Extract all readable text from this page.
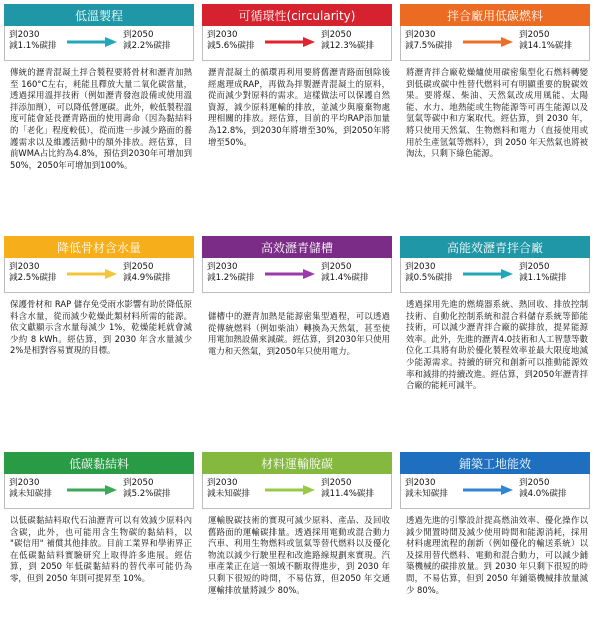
低溫製程
到2030
減1.1%碳排
到2050
減2.2%碳排
傳統的瀝青混凝土拌合製程要將骨材和瀝青加熱至 160°C左右，耗能且釋放大量二氧化碳當量，透過採用溫拌技術（例如瀝青發泡設備或使用溫拌添加劑），可以降低營運碳。此外，較低製程溫度可能會延長瀝青路面的使用壽命（因為黏結料的「老化」程度較低），從而進一步減少路面的養護需求以及維護活動中的額外排放。經估算，目前WMA占比約為4.8%，預估到2030年可增加到50%，2050年可增加到100%。
可循環性(circularity)
到2030
減5.6%碳排
到2050
減12.3%碳排
瀝青混凝土的循環再利用要將舊瀝青路面刨除後經處理成RAP，再做為拌製瀝青混凝土的原料，從而減少對原料的需求。這樣做法可以保護自然資源，減少原料運輸的排放，並減少與廢棄物處理相關的排放。經估算，目前的平均RAP添加量為12.8%，到2030年將增至30%，到2050年將增至50%。
拌合廠用低碳燃料
到2030
減7.5%碳排
到2050
減14.1%碳排
將瀝青拌合廠乾燥爐使用碳密集型化石燃料轉變到低碳或碳中性替代燃料可有明顯重要的脫碳效果。要將煤、柴油、天然氣改成用風能、太陽能、水力、地熱能或生物能源等可再生能源以及氫氣等碳中和方案取代。經估算，到 2030 年，將只使用天然氣、生物燃料和電力（直接使用或用於生產氫氣等燃料），到 2050 年天然氣也將被淘汰，只剩下綠色能源。
降低骨材含水量
到2030
減2.5%碳排
到2050
減4.9%碳排
保護骨材和 RAP 儲存免受雨水影響有助於降低原料含水量，從而減少乾燥此類材料所需的能源。依文獻顯示含水量每減少 1%，乾燥能耗就會減少約 8 kWh。經估算，到 2030 年含水量減少 2%是相對容易實現的目標。
高效瀝青儲槽
到2030
減1.2%碳排
到2050
減1.4%碳排
儲槽中的瀝青加熱是能源密集型過程，可以透過從傳統燃料（例如柴油）轉換為天然氣，甚至使用電加熱設備來減碳。經估算，到2030年只使用電力和天然氣，到2050年只使用電力。
高能效瀝青拌合廠
到2030
減0.5%碳排
到2050
減1.1%碳排
透過採用先進的燃燒器系統、熱回收、排放控制技術、自動化控制系統和混合料儲存系統等節能技術，可以減少瀝青拌合廠的碳排放，提昇能源效率。此外，先進的瀝青4.0技術和人工智慧等數位化工具將有助於優化製程效率並最大限度地減少能源需求。持續的研究和創新可以推動能源效率和減排的持續改進。經估算，到2050年瀝青拌合廠的能耗可減半。
低碳黏結料
到2030
減未知碳排
到2050
減5.2%碳排
以低碳黏結料取代石油瀝青可以有效減少原料內含碳，此外，也可能用含生物碳的黏結料，以 "碳信用" 補償其他排放。目前工業界和學術界正在低碳黏結料實驗研究上取得許多進展。經估算，到 2050 年低碳黏結料的替代率可能仍為零，但到 2050 年則可提昇至 10%。
材料運輸脫碳
到2030
減未知碳排
到2050
減11.4%碳排
運輸脫碳技術的實現可減少原料、產品、及回收舊路面的運輸碳排量。透過採用電動或混合動力汽車、利用生物燃料或氫氣等替代燃料以及優化物流以減少行駛里程和改進路線規劃來實現。汽車產業正在這一領域不斷取得進步，到 2030 年只剩下很短的時間，不易估算，但2050 年交通運輸排放量將減少 80%。
鋪築工地能效
到2030
減未知碳排
到2050
減4.0%碳排
透過先進的引擎設計提高燃油效率、優化操作以減少閒置時間及減少使用時間和能源消耗，採用材料處理流程的創新（例如優化的輸送系統）以及採用替代燃料、電動和混合動力，可以減少鋪築機械的碳排放量。到 2030 年只剩下很短的時間，不易估算，但到 2050 年鋪築機械排放量減少 80%。
